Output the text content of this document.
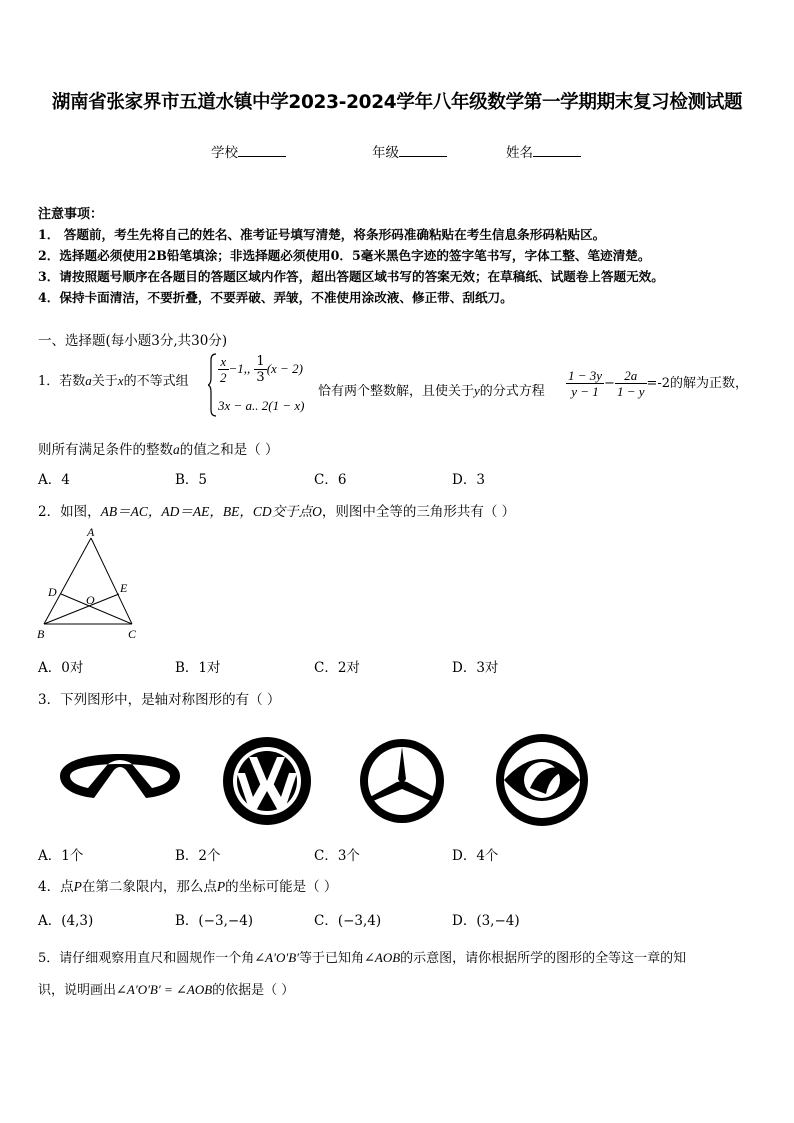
湖南省张家界市五道水镇中学2023-2024学年八年级数学第一学期期末复习检测试题
学校	年级	姓名
注意事项：
1． 答题前，考生先将自己的姓名、准考证号填写清楚，将条形码准确粘贴在考生信息条形码粘贴区。
2．选择题必须使用2B铅笔填涂；非选择题必须使用0．5毫米黑色字迹的签字笔书写，字体工整、笔迹清楚。
3．请按照题号顺序在各题目的答题区域内作答，超出答题区域书写的答案无效；在草稿纸、试题卷上答题无效。
4．保持卡面清洁，不要折叠，不要弄破、弄皱，不准使用涂改液、修正带、刮纸刀。
一、选择题(每小题3分,共30分)
1．若数a关于x的不等式组 $\frac{x}{2} -1$,, $\frac{1}{3} (x - 2)$
3x − a.. 2(1 − x)
恰有两个整数解，且使关于y的分式方程 $\frac{1 - 3y}{y - 1} - \frac{2a}{1 - y} =-2$的解为正数，
则所有满足条件的整数a的值之和是（ ）
A．4	B．5	C．6	D．3
2．如图，AB＝AC，AD＝AE，BE，CD交于点O，则图中全等的三角形共有（ ）
A
D	E
O
B	C
A．0对	B．1对	C．2对	D．3对
3．下列图形中，是轴对称图形的有（ ）
A．1个	B．2个	C．3个	D．4个
4．点P在第二象限内，那么点P的坐标可能是（ ）
A．(4,3)	B．(−3,−4)	C．(−3,4)	D．(3,−4)
5．请仔细观察用直尺和圆规作一个角∠A′O′B′等于已知角∠AOB的示意图，请你根据所学的图形的全等这一章的知
识，说明画出∠A′O′B′ = ∠AOB的依据是（ ）
